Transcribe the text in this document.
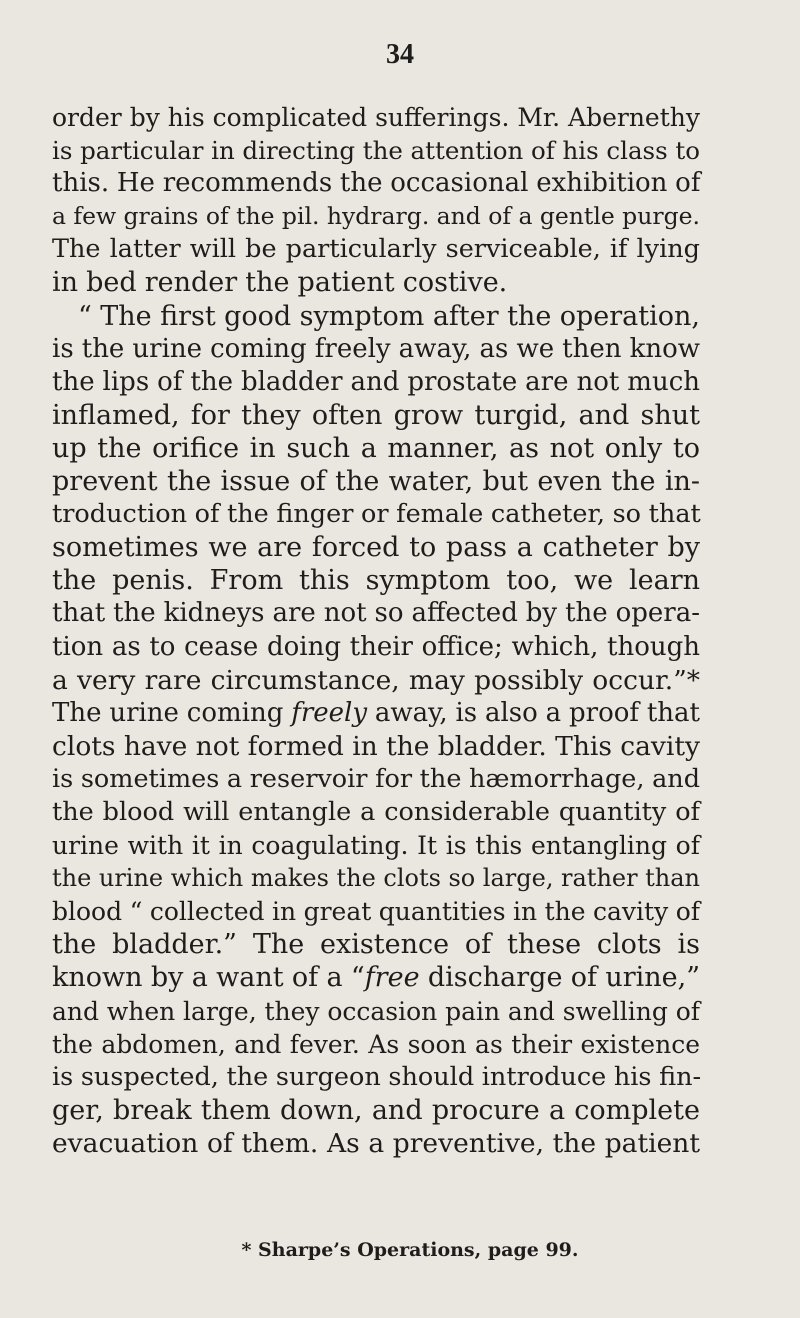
34
order by his complicated sufferings. Mr. Abernethy
is particular in directing the attention of his class to
this. He recommends the occasional exhibition of
a few grains of the pil. hydrarg. and of a gentle purge.
The latter will be particularly serviceable, if lying
in bed render the patient costive.
“ The first good symptom after the operation,
is the urine coming freely away, as we then know
the lips of the bladder and prostate are not much
inflamed, for they often grow turgid, and shut
up the orifice in such a manner, as not only to
prevent the issue of the water, but even the in-
troduction of the finger or female catheter, so that
sometimes we are forced to pass a catheter by
the penis. From this symptom too, we learn
that the kidneys are not so affected by the opera-
tion as to cease doing their office; which, though
a very rare circumstance, may possibly occur.”*
The urine coming freely away, is also a proof that
clots have not formed in the bladder. This cavity
is sometimes a reservoir for the hæmorrhage, and
the blood will entangle a considerable quantity of
urine with it in coagulating. It is this entangling of
the urine which makes the clots so large, rather than
blood “ collected in great quantities in the cavity of
the bladder.” The existence of these clots is
known by a want of a “free discharge of urine,”
and when large, they occasion pain and swelling of
the abdomen, and fever. As soon as their existence
is suspected, the surgeon should introduce his fin-
ger, break them down, and procure a complete
evacuation of them. As a preventive, the patient
* Sharpe’s Operations, page 99.
